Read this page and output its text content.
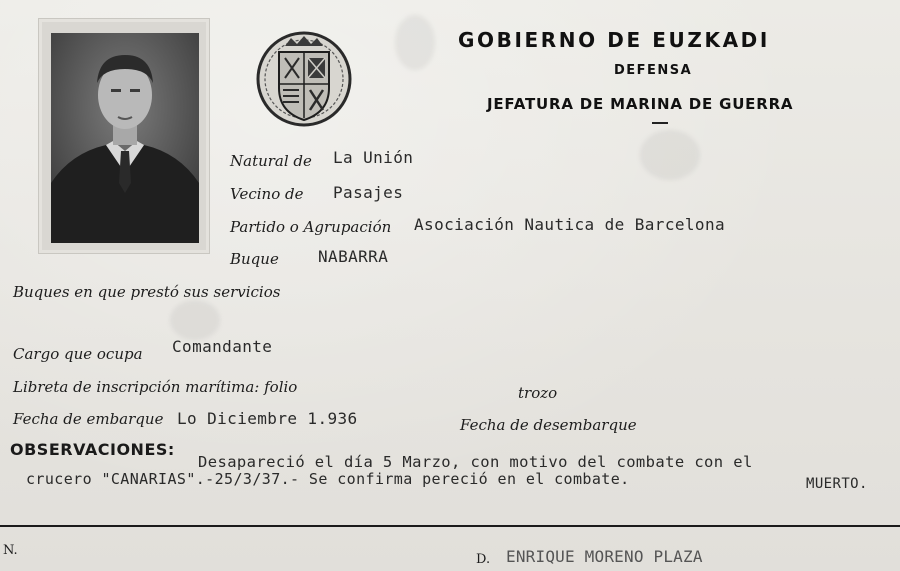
GOBIERNO DE EUZKADI
DEFENSA
JEFATURA DE MARINA DE GUERRA
Natural de La Unión
Vecino de Pasajes
Partido o Agrupación Asociación Nautica de Barcelona
Buque NABARRA
Buques en que prestó sus servicios
Cargo que ocupa Comandante
Libreta de inscripción marítima: folio	trozo
Fecha de embarque Lo Diciembre 1.936	Fecha de desembarque
OBSERVACIONES:
Desapareció el día 5 Marzo, con motivo del combate con el
crucero "CANARIAS".-25/3/37.- Se confirma pereció en el combate.	MUERTO.
N.
D. ENRIQUE MORENO PLAZA
